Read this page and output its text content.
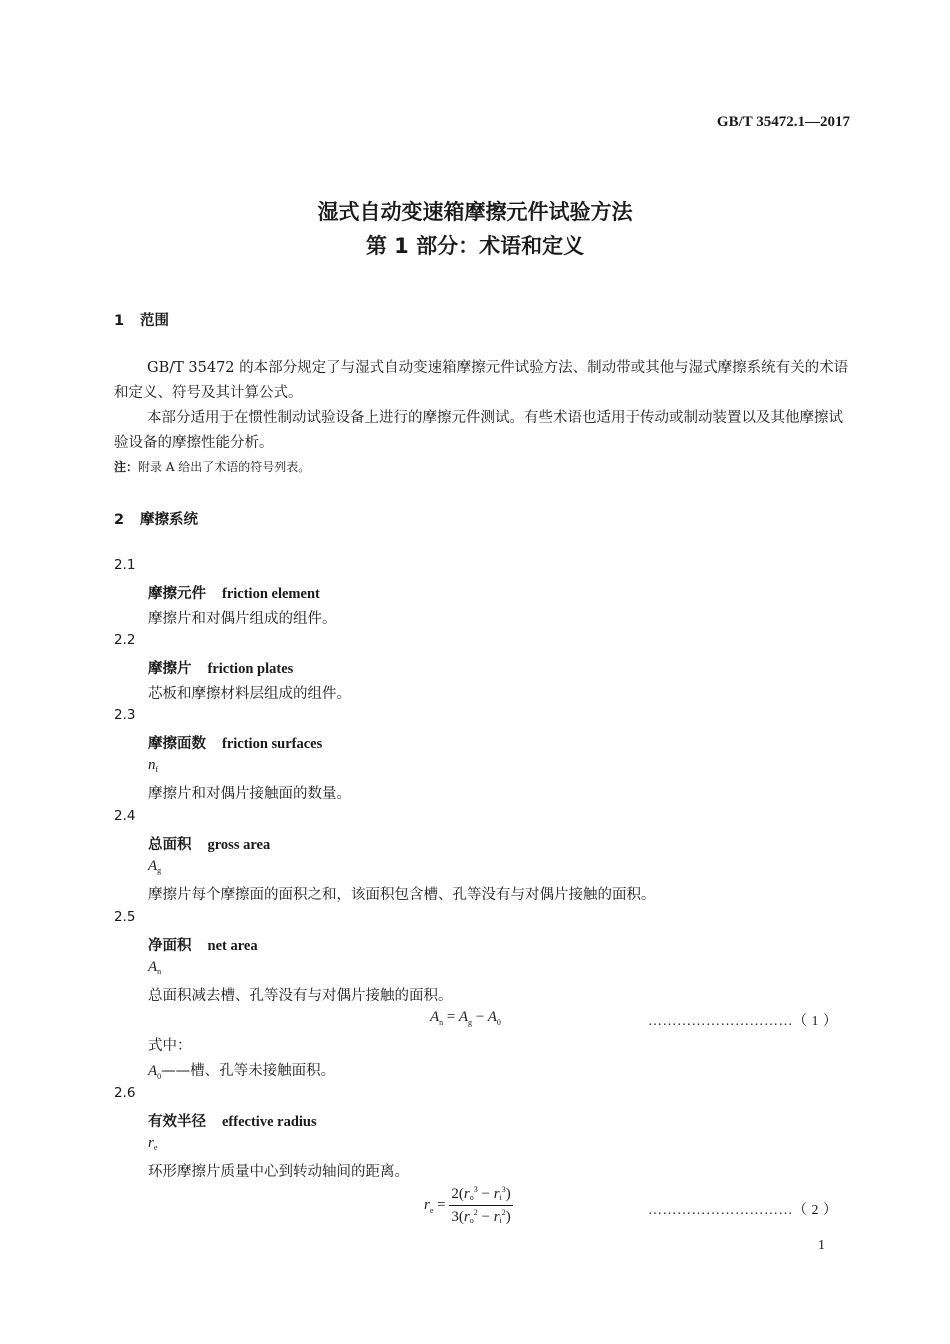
GB/T 35472.1—2017
湿式自动变速箱摩擦元件试验方法
第 1 部分：术语和定义
1 范围

GB/T 35472 的本部分规定了与湿式自动变速箱摩擦元件试验方法、制动带或其他与湿式摩擦系统有关的术语和定义、符号及其计算公式。

本部分适用于在惯性制动试验设备上进行的摩擦元件测试。有些术语也适用于传动或制动装置以及其他摩擦试验设备的摩擦性能分析。

注：附录 A 给出了术语的符号列表。
2 摩擦系统
2.1
摩擦元件 friction element
摩擦片和对偶片组成的组件。
2.2
摩擦片 friction plates
芯板和摩擦材料层组成的组件。
2.3
摩擦面数 friction surfaces
$n_f$
摩擦片和对偶片接触面的数量。
2.4
总面积 gross area
$A_g$
摩擦片每个摩擦面的面积之和，该面积包含槽、孔等没有与对偶片接触的面积。
2.5
净面积 net area
$A_n$
总面积减去槽、孔等没有与对偶片接触的面积。
$A_n = A_g - A_0$	…………………………（ 1 ）
式中：
$A_0——$槽、孔等未接触面积。
2.6
有效半径 effective radius
$r_e$
环形摩擦片质量中心到转动轴间的距离。
$r_e = \frac{2(r_o^3 - r_i^3)}{3(r_o^2 - r_i^2)}$	…………………………（ 2 ）
1
